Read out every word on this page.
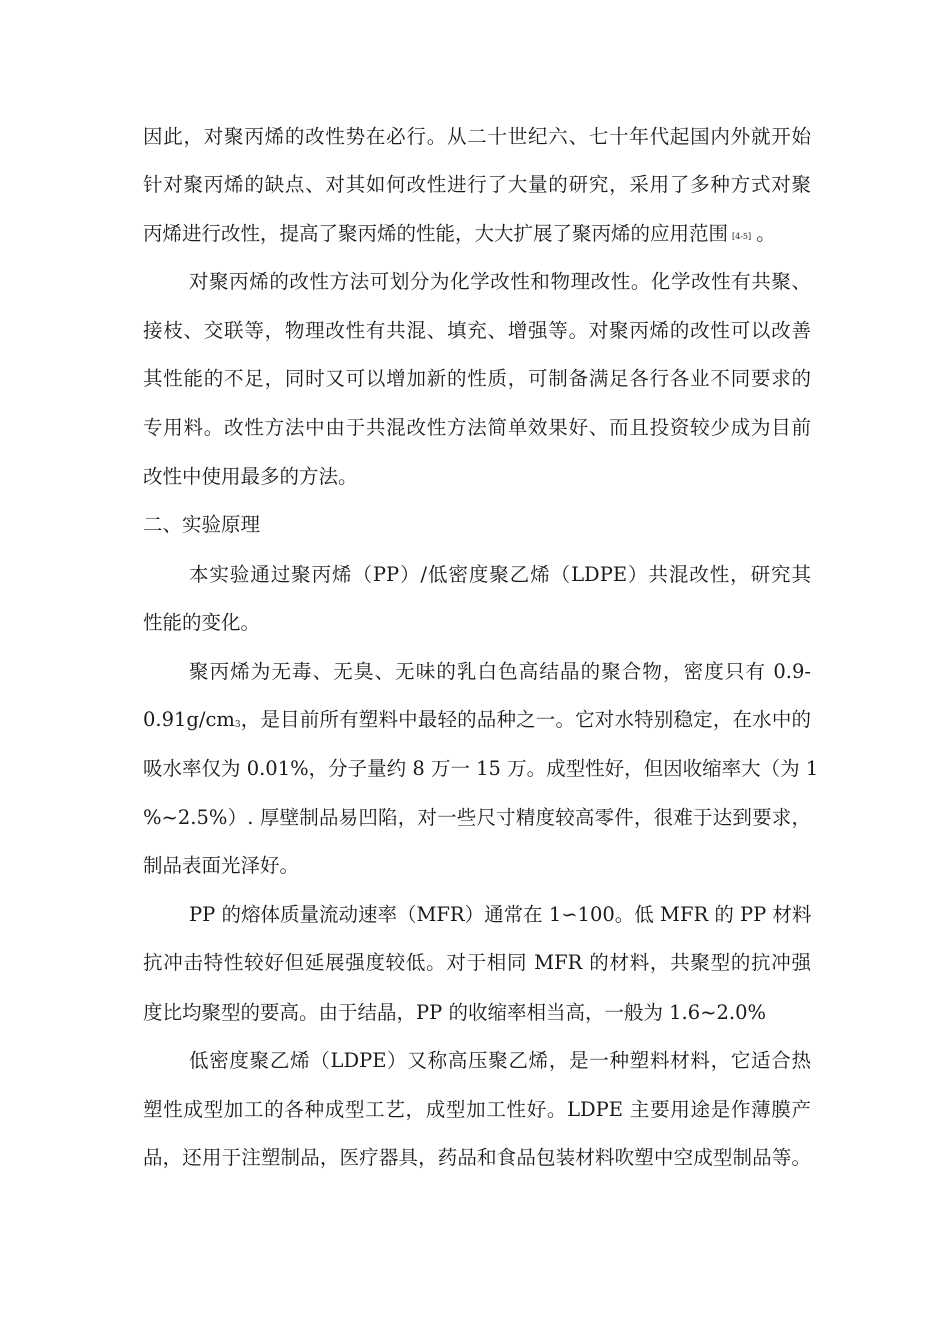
因此，对聚丙烯的改性势在必行。从二十世纪六、七十年代起国内外就开始
针对聚丙烯的缺点、对其如何改性进行了大量的研究，采用了多种方式对聚
丙烯进行改性，提高了聚丙烯的性能，大大扩展了聚丙烯的应用范围 [4-5] 。
对聚丙烯的改性方法可划分为化学改性和物理改性。化学改性有共聚、
接枝、交联等，物理改性有共混、填充、增强等。对聚丙烯的改性可以改善
其性能的不足，同时又可以增加新的性质，可制备满足各行各业不同要求的
专用料。改性方法中由于共混改性方法简单效果好、而且投资较少成为目前
改性中使用最多的方法。
二、实验原理
本实验通过聚丙烯（PP）/低密度聚乙烯（LDPE）共混改性，研究其
性能的变化。
聚丙烯为无毒、无臭、无味的乳白色高结晶的聚合物，密度只有 0.9-
$0.91g/cm_3$，是目前所有塑料中最轻的品种之一。它对水特别稳定，在水中的
吸水率仅为 0.01%，分子量约 8 万一 15 万。成型性好，但因收缩率大（为 1
%~2.5%）. 厚壁制品易凹陷，对一些尺寸精度较高零件，很难于达到要求，
制品表面光泽好。
PP 的熔体质量流动速率（MFR）通常在 1∽100。低 MFR 的 PP 材料
抗冲击特性较好但延展强度较低。对于相同 MFR 的材料，共聚型的抗冲强
度比均聚型的要高。由于结晶，PP 的收缩率相当高，一般为 1.6~2.0%
低密度聚乙烯（LDPE）又称高压聚乙烯，是一种塑料材料，它适合热
塑性成型加工的各种成型工艺，成型加工性好。LDPE 主要用途是作薄膜产
品，还用于注塑制品，医疗器具，药品和食品包装材料吹塑中空成型制品等。
